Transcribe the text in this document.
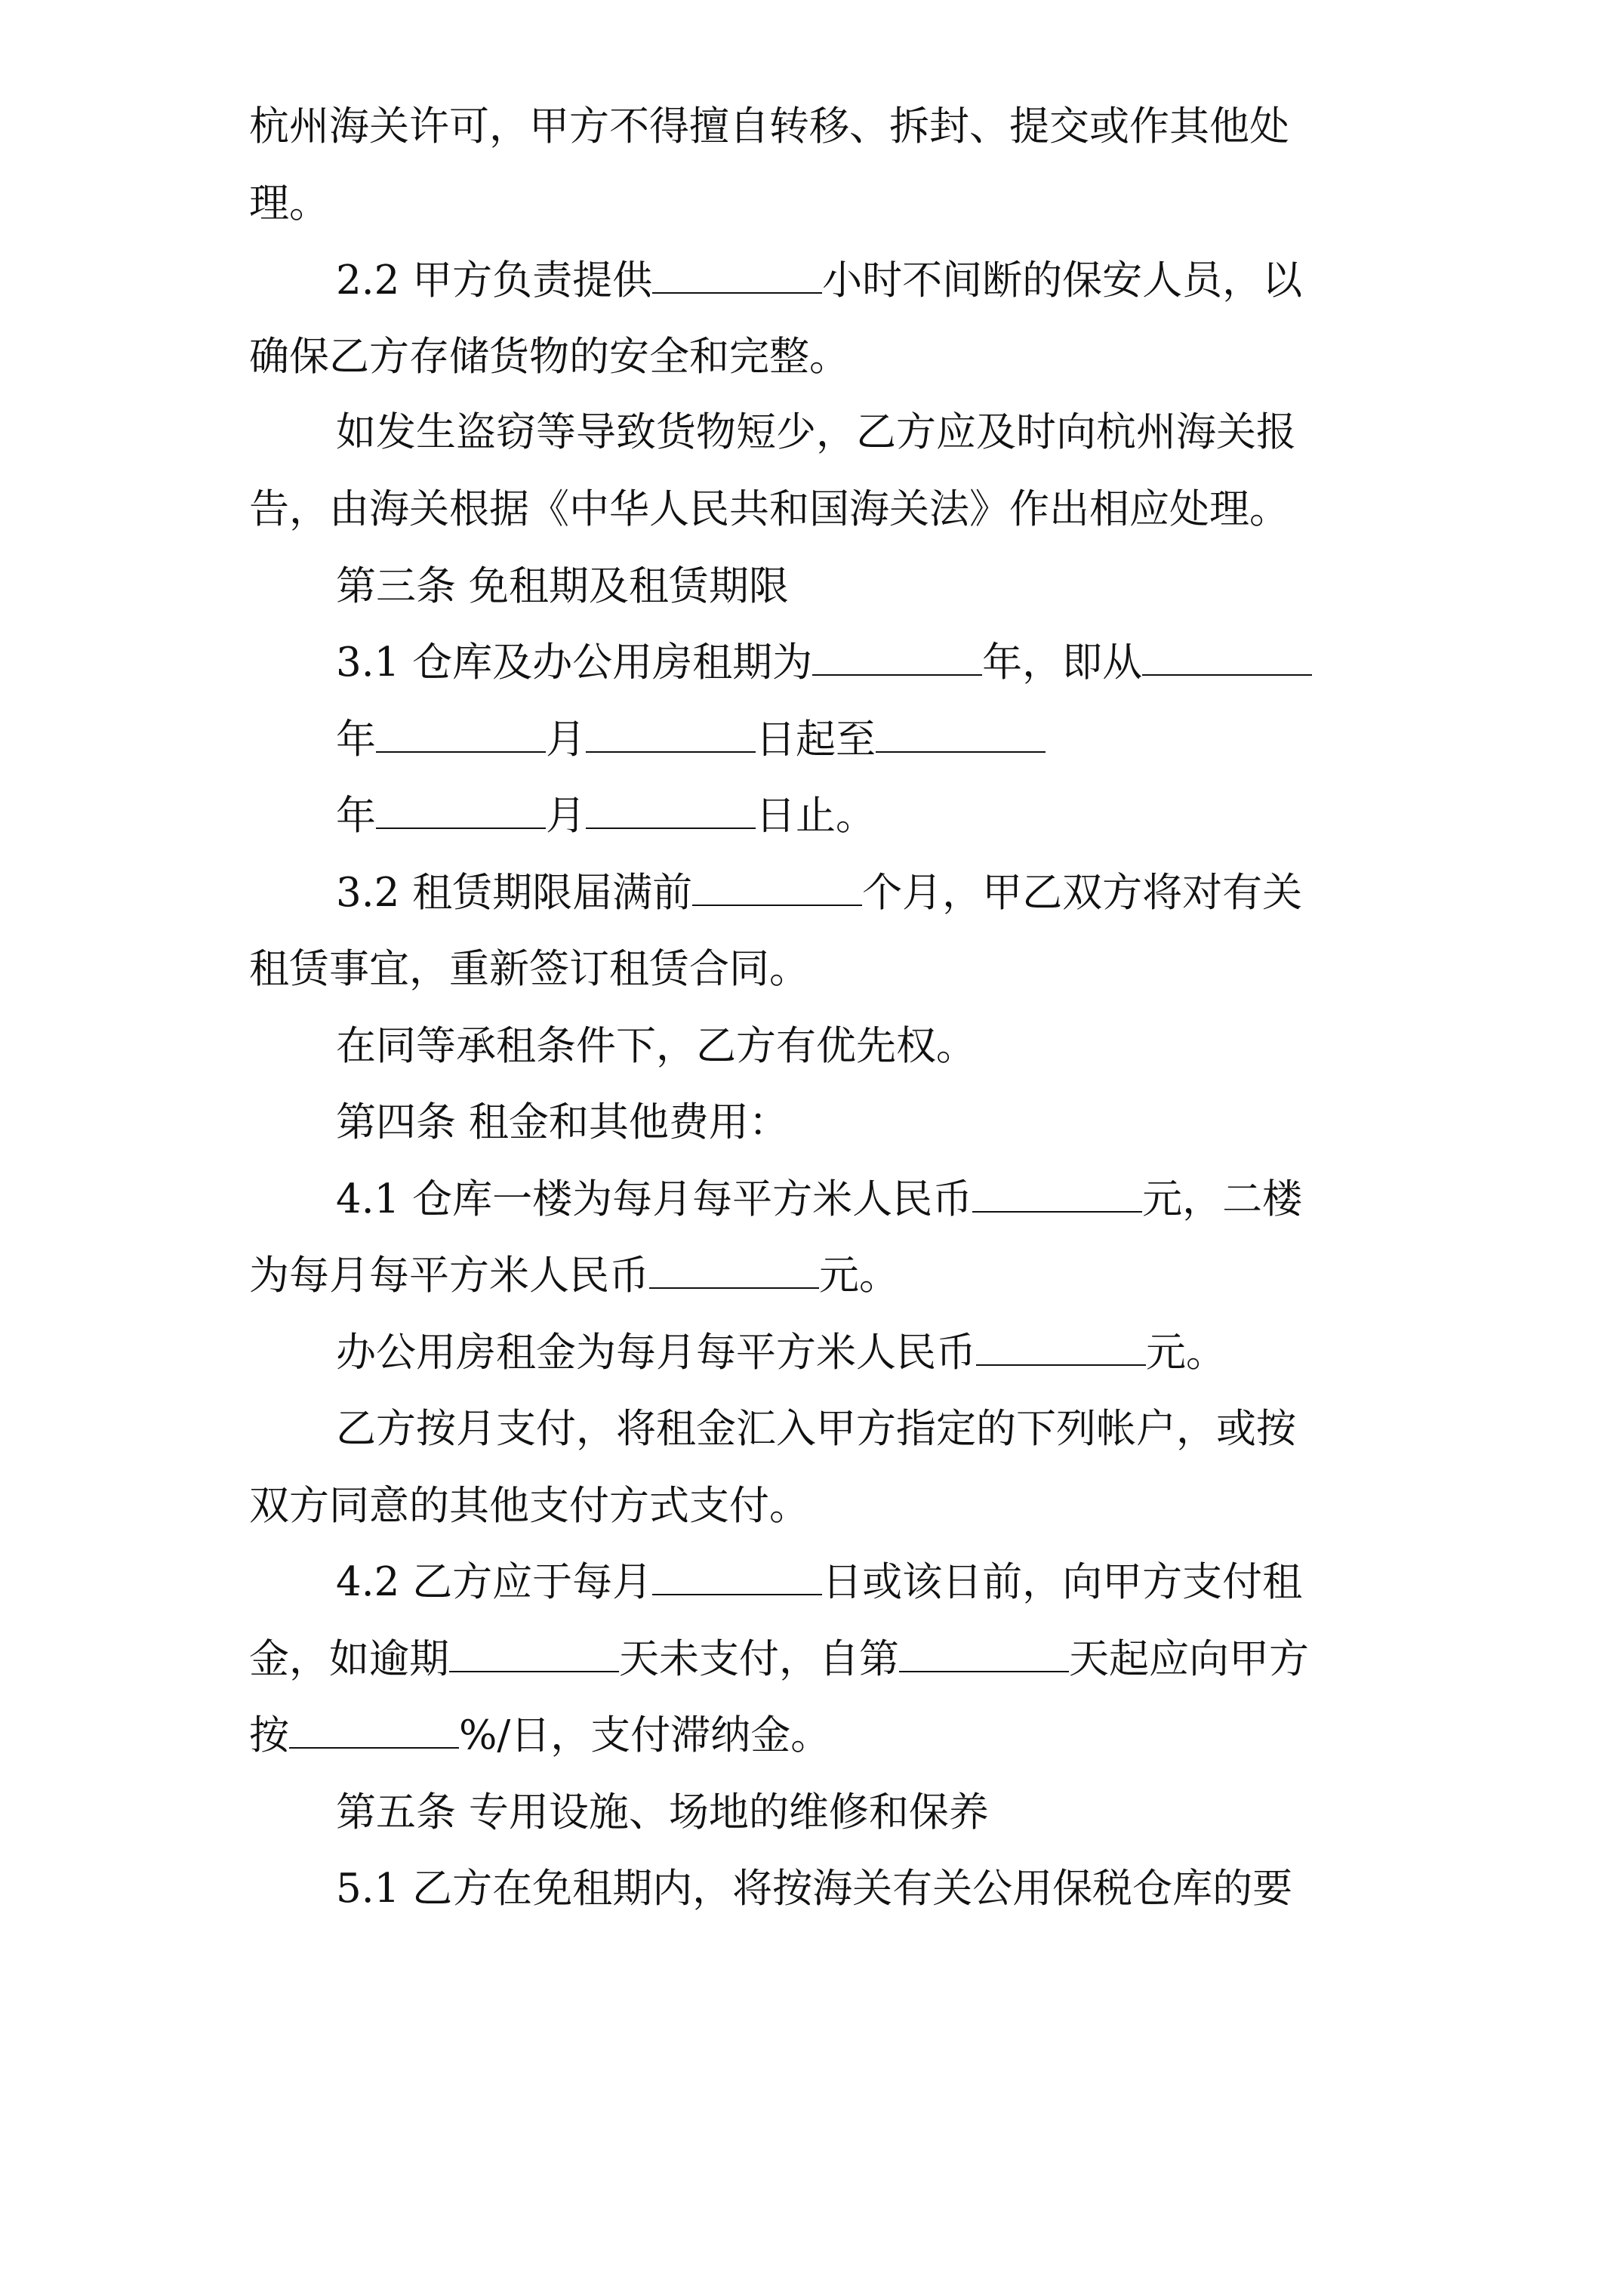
杭州海关许可，甲方不得擅自转移、拆封、提交或作其他处
理。
2.2 甲方负责提供	小时不间断的保安人员，以
确保乙方存储货物的安全和完整。
如发生盗窃等导致货物短少，乙方应及时向杭州海关报
告，由海关根据《中华人民共和国海关法》作出相应处理。
第三条 免租期及租赁期限
3.1 仓库及办公用房租期为	年，即从
年	月	日起至
年	月	日止。
3.2 租赁期限届满前	个月，甲乙双方将对有关
租赁事宜，重新签订租赁合同。
在同等承租条件下，乙方有优先权。
第四条 租金和其他费用：
4.1 仓库一楼为每月每平方米人民币	元，二楼
为每月每平方米人民币	元。
办公用房租金为每月每平方米人民币	元。
乙方按月支付，将租金汇入甲方指定的下列帐户，或按
双方同意的其他支付方式支付。
4.2 乙方应于每月	日或该日前，向甲方支付租
金，如逾期	天未支付，自第	天起应向甲方
按	%/日，支付滞纳金。
第五条 专用设施、场地的维修和保养
5.1 乙方在免租期内，将按海关有关公用保税仓库的要
